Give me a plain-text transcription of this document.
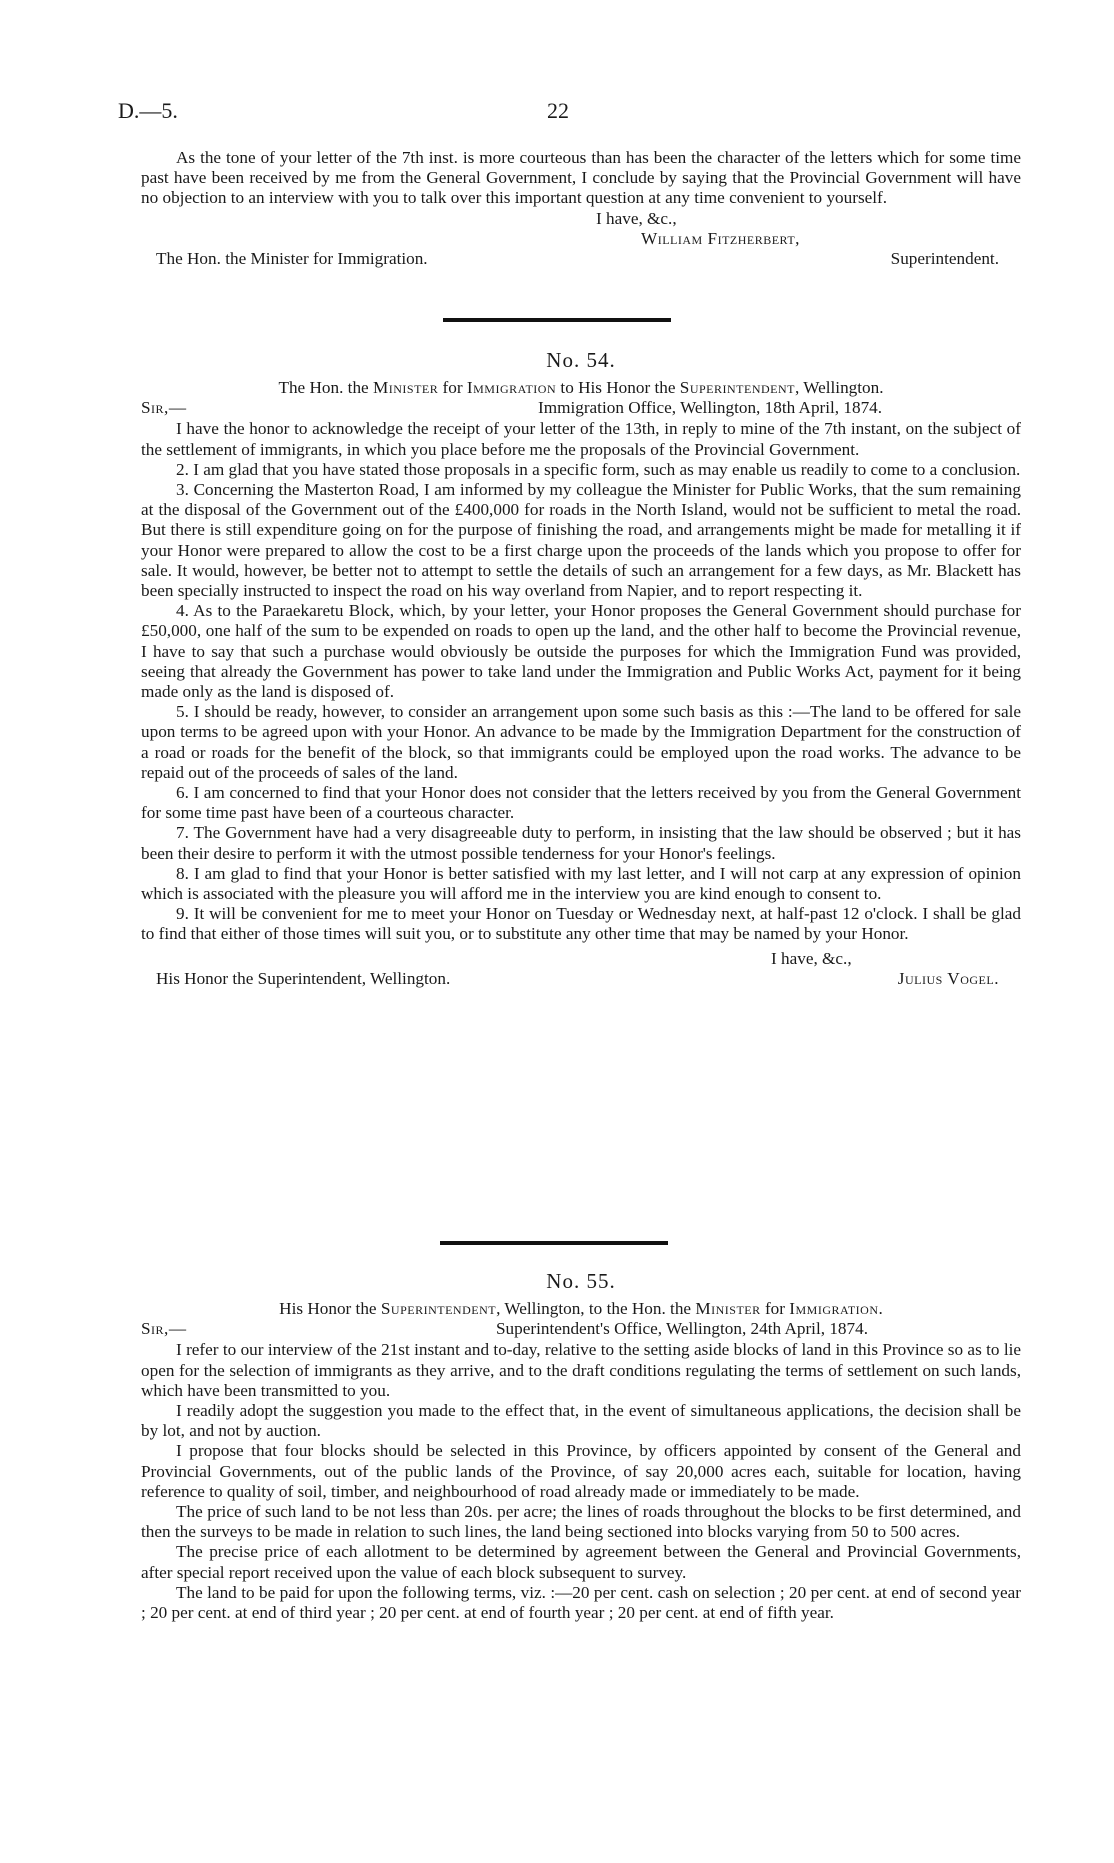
D.—5.	22

As the tone of your letter of the 7th inst. is more courteous than has been the character of the letters which for some time past have been received by me from the General Government, I conclude by saying that the Provincial Government will have no objection to an interview with you to talk over this important question at any time convenient to yourself.

I have, &c.,
William Fitzherbert,
The Hon. the Minister for Immigration.	Superintendent.
No. 54.
The Hon. the Minister for Immigration to His Honor the Superintendent, Wellington.
Sir,—	Immigration Office, Wellington, 18th April, 1874.

I have the honor to acknowledge the receipt of your letter of the 13th, in reply to mine of the 7th instant, on the subject of the settlement of immigrants, in which you place before me the proposals of the Provincial Government.

2. I am glad that you have stated those proposals in a specific form, such as may enable us readily to come to a conclusion.

3. Concerning the Masterton Road, I am informed by my colleague the Minister for Public Works, that the sum remaining at the disposal of the Government out of the £400,000 for roads in the North Island, would not be sufficient to metal the road. But there is still expenditure going on for the purpose of finishing the road, and arrangements might be made for metalling it if your Honor were prepared to allow the cost to be a first charge upon the proceeds of the lands which you propose to offer for sale. It would, however, be better not to attempt to settle the details of such an arrangement for a few days, as Mr. Blackett has been specially instructed to inspect the road on his way overland from Napier, and to report respecting it.

4. As to the Paraekaretu Block, which, by your letter, your Honor proposes the General Government should purchase for £50,000, one half of the sum to be expended on roads to open up the land, and the other half to become the Provincial revenue, I have to say that such a purchase would obviously be outside the purposes for which the Immigration Fund was provided, seeing that already the Government has power to take land under the Immigration and Public Works Act, payment for it being made only as the land is disposed of.

5. I should be ready, however, to consider an arrangement upon some such basis as this :—The land to be offered for sale upon terms to be agreed upon with your Honor. An advance to be made by the Immigration Department for the construction of a road or roads for the benefit of the block, so that immigrants could be employed upon the road works. The advance to be repaid out of the proceeds of sales of the land.

6. I am concerned to find that your Honor does not consider that the letters received by you from the General Government for some time past have been of a courteous character.

7. The Government have had a very disagreeable duty to perform, in insisting that the law should be observed ; but it has been their desire to perform it with the utmost possible tenderness for your Honor's feelings.

8. I am glad to find that your Honor is better satisfied with my last letter, and I will not carp at any expression of opinion which is associated with the pleasure you will afford me in the interview you are kind enough to consent to.

9. It will be convenient for me to meet your Honor on Tuesday or Wednesday next, at half-past 12 o'clock. I shall be glad to find that either of those times will suit you, or to substitute any other time that may be named by your Honor.

I have, &c.,
His Honor the Superintendent, Wellington.	Julius Vogel.
No. 55.
His Honor the Superintendent, Wellington, to the Hon. the Minister for Immigration.
Sir,—	Superintendent's Office, Wellington, 24th April, 1874.

I refer to our interview of the 21st instant and to-day, relative to the setting aside blocks of land in this Province so as to lie open for the selection of immigrants as they arrive, and to the draft conditions regulating the terms of settlement on such lands, which have been transmitted to you.

I readily adopt the suggestion you made to the effect that, in the event of simultaneous applications, the decision shall be by lot, and not by auction.

I propose that four blocks should be selected in this Province, by officers appointed by consent of the General and Provincial Governments, out of the public lands of the Province, of say 20,000 acres each, suitable for location, having reference to quality of soil, timber, and neighbourhood of road already made or immediately to be made.

The price of such land to be not less than 20s. per acre; the lines of roads throughout the blocks to be first determined, and then the surveys to be made in relation to such lines, the land being sectioned into blocks varying from 50 to 500 acres.

The precise price of each allotment to be determined by agreement between the General and Provincial Governments, after special report received upon the value of each block subsequent to survey.

The land to be paid for upon the following terms, viz. :—20 per cent. cash on selection ; 20 per cent. at end of second year ; 20 per cent. at end of third year ; 20 per cent. at end of fourth year ; 20 per cent. at end of fifth year.
